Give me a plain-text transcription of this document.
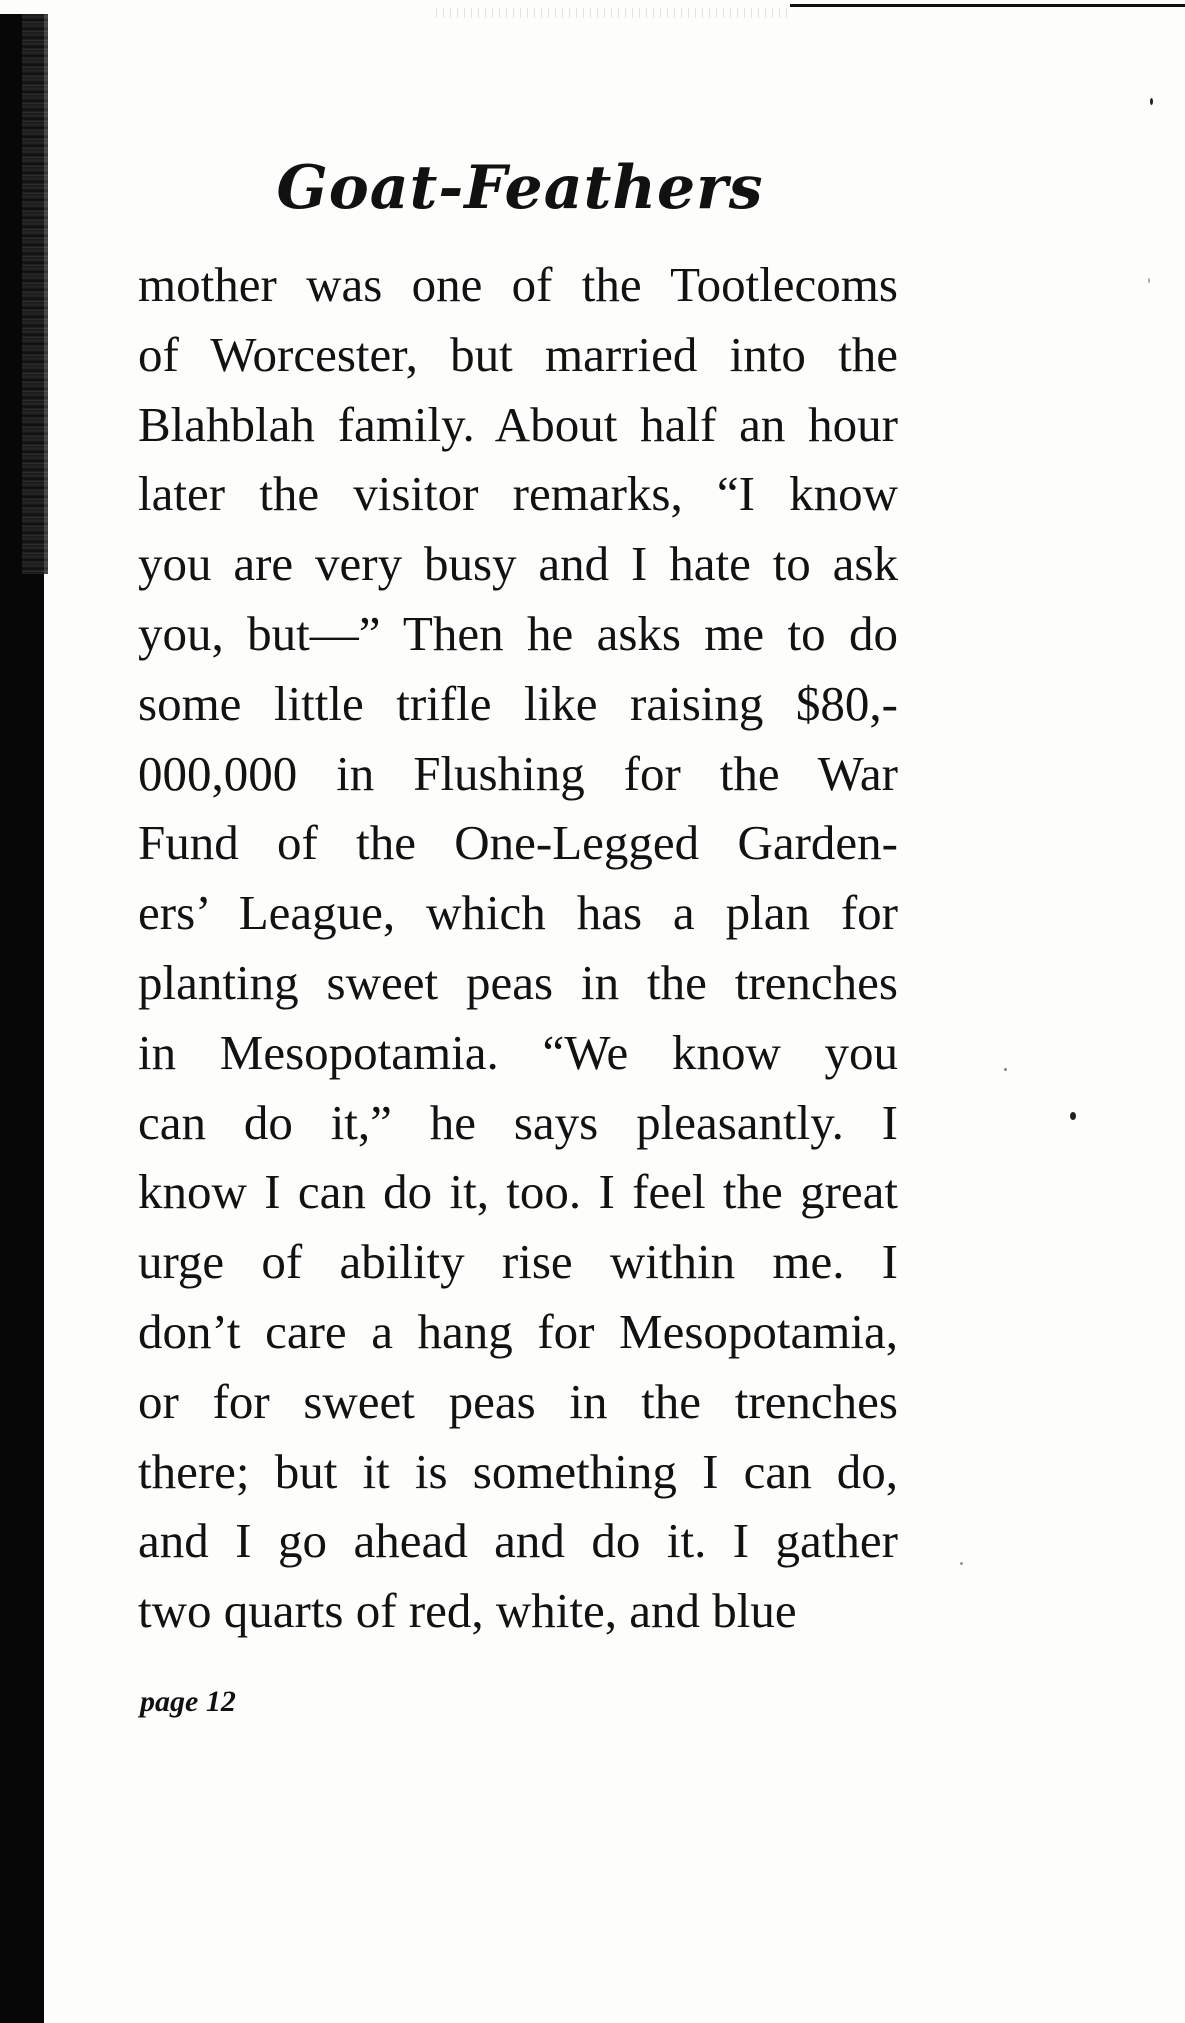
Goat-Feathers
mother was one of the Tootlecoms
of Worcester, but married into the
Blahblah family. About half an hour
later the visitor remarks, “I know
you are very busy and I hate to ask
you, but—” Then he asks me to do
some little trifle like raising $80,-
000,000 in Flushing for the War
Fund of the One-Legged Garden-
ers’ League, which has a plan for
planting sweet peas in the trenches
in Mesopotamia. “We know you
can do it,” he says pleasantly. I
know I can do it, too. I feel the great
urge of ability rise within me. I
don’t care a hang for Mesopotamia,
or for sweet peas in the trenches
there; but it is something I can do,
and I go ahead and do it. I gather
two quarts of red, white, and blue
page 12
